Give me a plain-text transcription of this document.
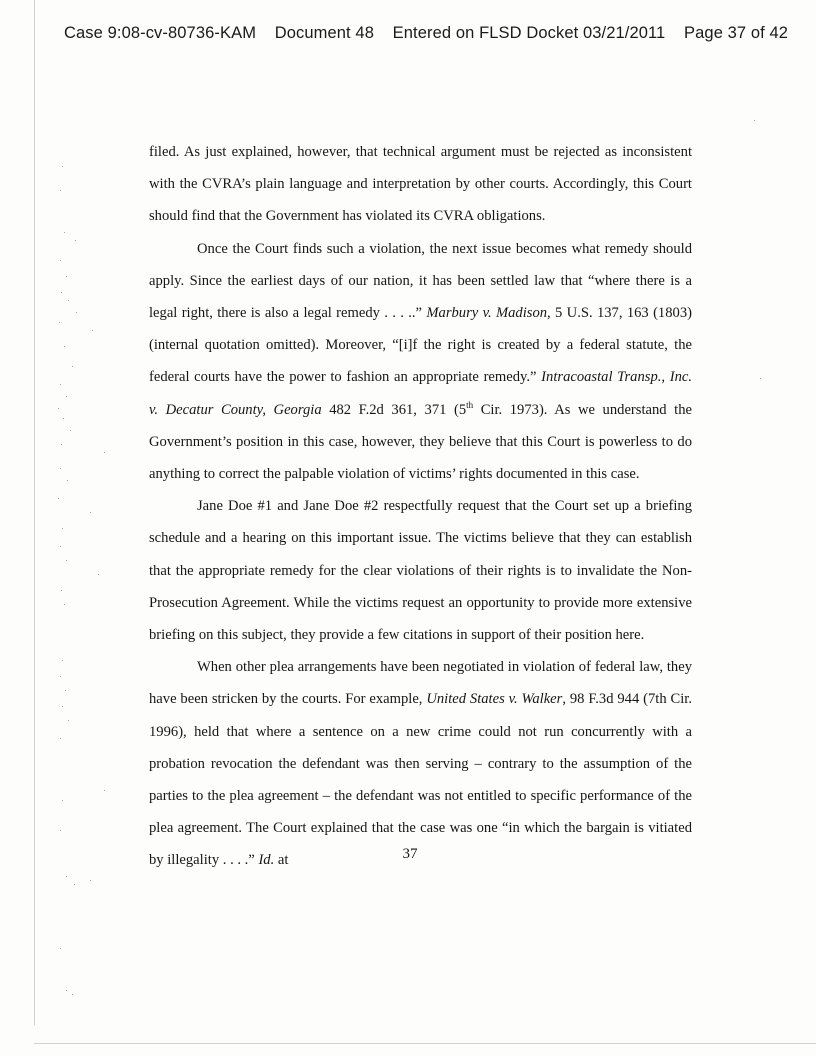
Case 9:08-cv-80736-KAM Document 48 Entered on FLSD Docket 03/21/2011 Page 37 of 42

filed. As just explained, however, that technical argument must be rejected as inconsistent with the CVRA’s plain language and interpretation by other courts. Accordingly, this Court should find that the Government has violated its CVRA obligations.

Once the Court finds such a violation, the next issue becomes what remedy should apply. Since the earliest days of our nation, it has been settled law that “where there is a legal right, there is also a legal remedy . . . ..” Marbury v. Madison, 5 U.S. 137, 163 (1803) (internal quotation omitted). Moreover, “[i]f the right is created by a federal statute, the federal courts have the power to fashion an appropriate remedy.” Intracoastal Transp., Inc. v. Decatur County, Georgia 482 F.2d 361, 371 (5th Cir. 1973). As we understand the Government’s position in this case, however, they believe that this Court is powerless to do anything to correct the palpable violation of victims’ rights documented in this case.

Jane Doe #1 and Jane Doe #2 respectfully request that the Court set up a briefing schedule and a hearing on this important issue. The victims believe that they can establish that the appropriate remedy for the clear violations of their rights is to invalidate the Non-Prosecution Agreement. While the victims request an opportunity to provide more extensive briefing on this subject, they provide a few citations in support of their position here.

When other plea arrangements have been negotiated in violation of federal law, they have been stricken by the courts. For example, United States v. Walker, 98 F.3d 944 (7th Cir. 1996), held that where a sentence on a new crime could not run concurrently with a probation revocation the defendant was then serving – contrary to the assumption of the parties to the plea agreement – the defendant was not entitled to specific performance of the plea agreement. The Court explained that the case was one “in which the bargain is vitiated by illegality . . . .” Id. at	37
